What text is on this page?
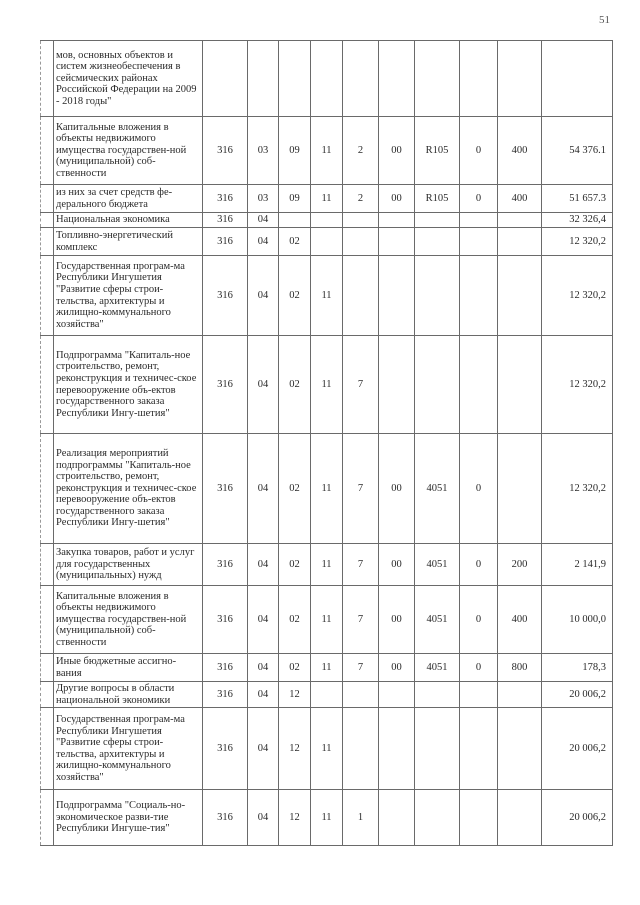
51
	мов, основных объектов и систем жизнеобеспечения в сейсмических районах Российской Федерации на 2009 - 2018 годы"										
	Капитальные вложения в объекты недвижимого имущества государствен-ной (муниципальной) соб-ственности	316	03	09	11	2	00	R105	0	400	54 376.1
	из них за счет средств фе-дерального бюджета	316	03	09	11	2	00	R105	0	400	51 657.3
	Национальная экономика	316	04								32 326,4
	Топливно-энергетический комплекс	316	04	02							12 320,2
	Государственная програм-ма Республики Ингушетия "Развитие сферы строи-тельства, архитектуры и жилищно-коммунального хозяйства"	316	04	02	11						12 320,2
	Подпрограмма "Капиталь-ное строительство, ремонт, реконструкция и техничес-ское перевооружение объ-ектов государственного заказа Республики Ингу-шетия"	316	04	02	11	7					12 320,2
	Реализация мероприятий подпрограммы "Капиталь-ное строительство, ремонт, реконструкция и техничес-ское перевооружение объ-ектов государственного заказа Республики Ингу-шетия"	316	04	02	11	7	00	4051	0		12 320,2
	Закупка товаров, работ и услуг для государственных (муниципальных) нужд	316	04	02	11	7	00	4051	0	200	2 141,9
	Капитальные вложения в объекты недвижимого имущества государствен-ной (муниципальной) соб-ственности	316	04	02	11	7	00	4051	0	400	10 000,0
	Иные бюджетные ассигно-вания	316	04	02	11	7	00	4051	0	800	178,3
	Другие вопросы в области национальной экономики	316	04	12							20 006,2
	Государственная програм-ма Республики Ингушетия "Развитие сферы строи-тельства, архитектуры и жилищно-коммунального хозяйства"	316	04	12	11						20 006,2
	Подпрограмма "Социаль-но-экономическое разви-тие Республики Ингуше-тия"	316	04	12	11	1					20 006,2
